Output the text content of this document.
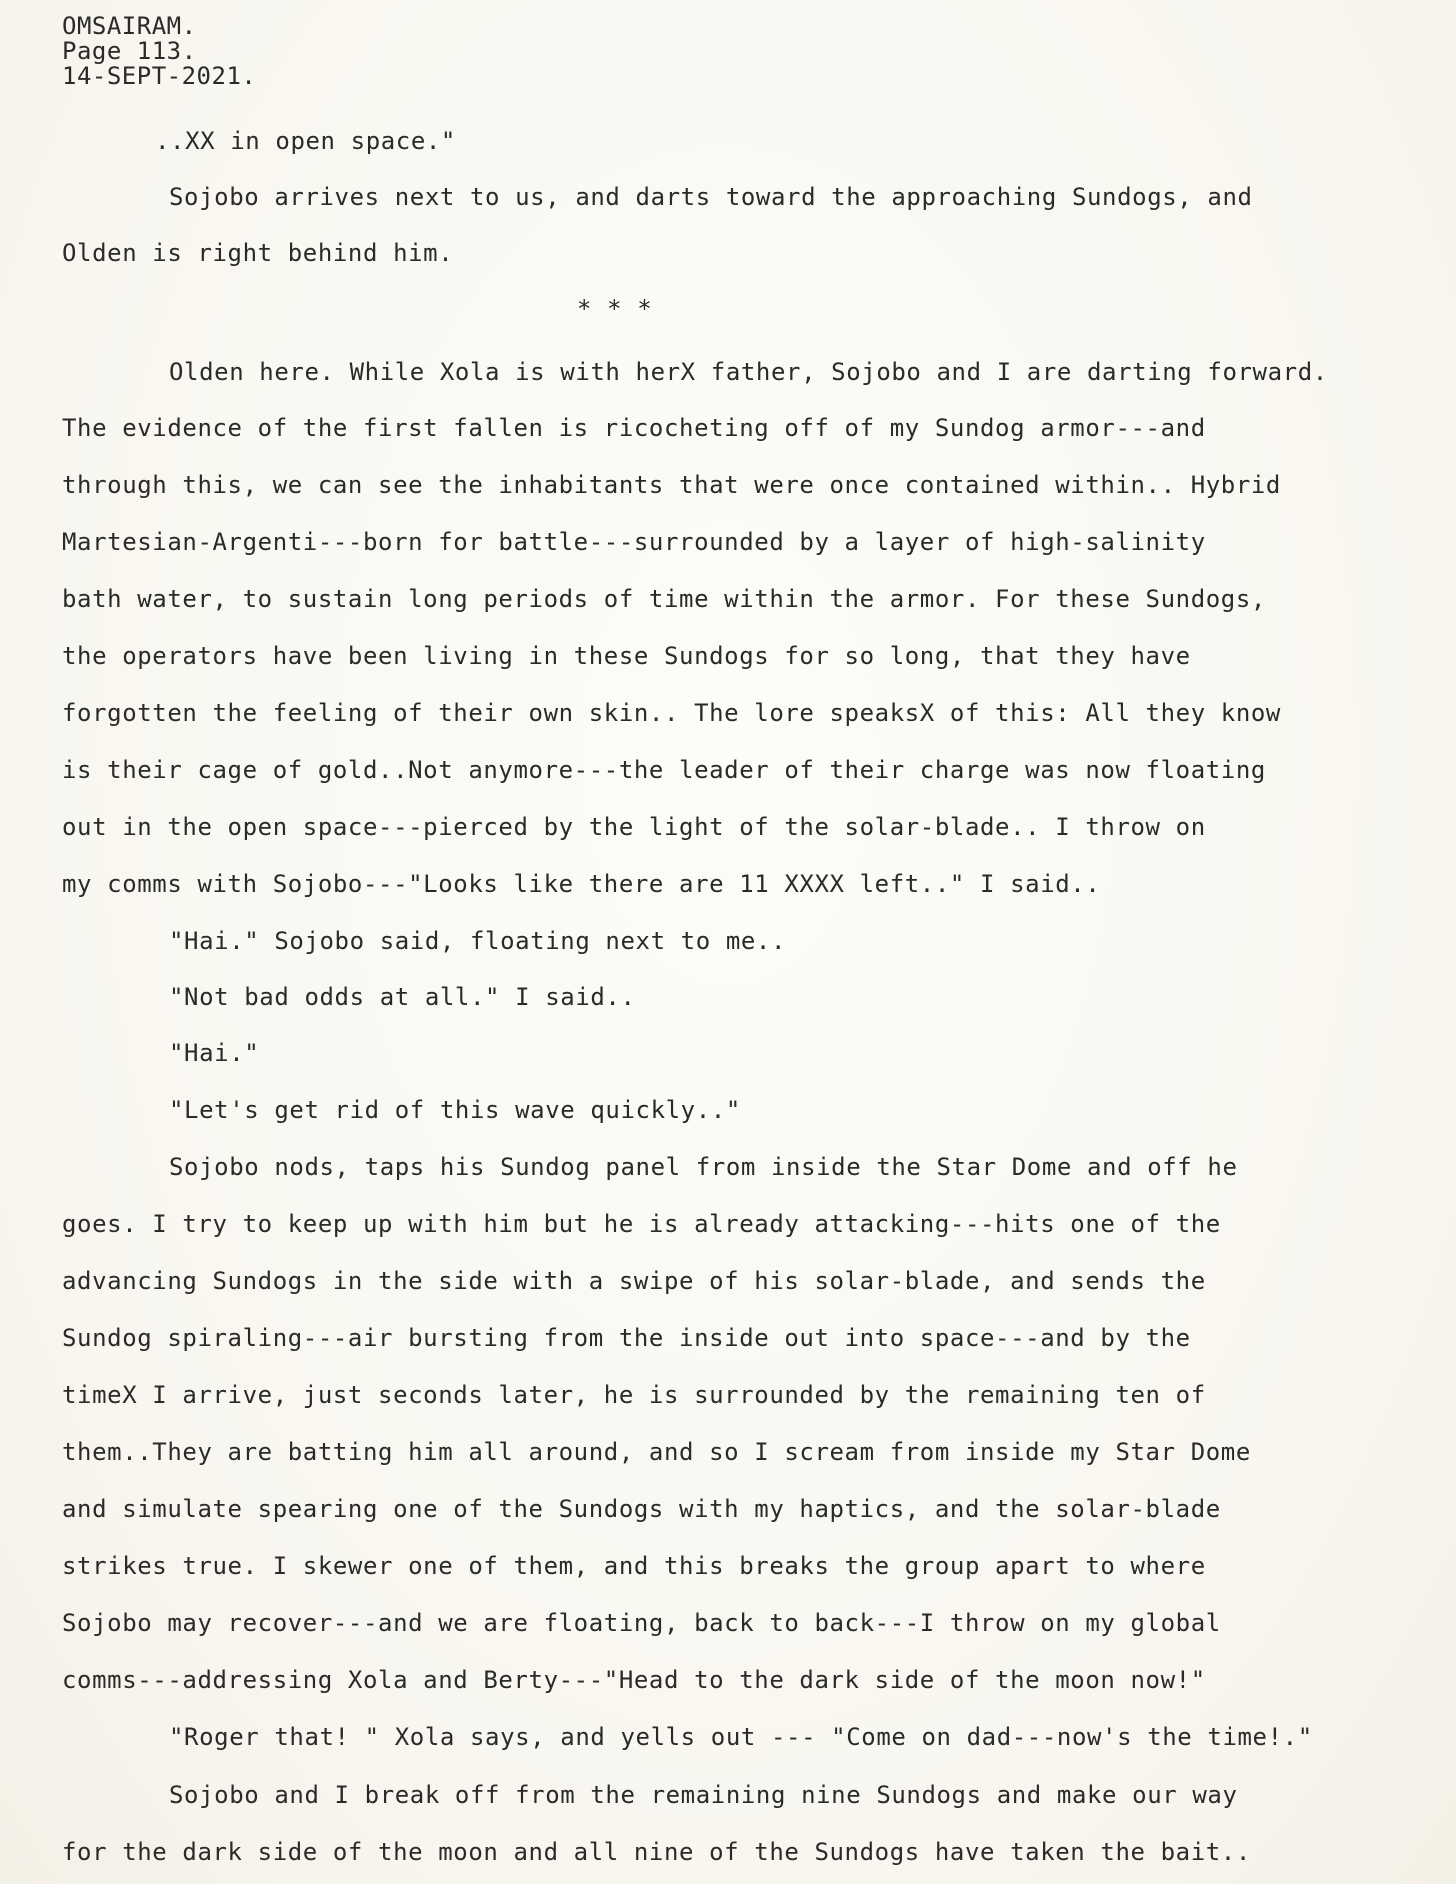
OMSAIRAM.
Page 113.
14-SEPT-2021.
..XX in open space."
Sojobo arrives next to us, and darts toward the approaching Sundogs, and
Olden is right behind him.
* * *
Olden here. While Xola is with herX father, Sojobo and I are darting forward.
The evidence of the first fallen is ricocheting off of my Sundog armor---and
through this, we can see the inhabitants that were once contained within.. Hybrid
Martesian-Argenti---born for battle---surrounded by a layer of high-salinity
bath water, to sustain long periods of time within the armor. For these Sundogs,
the operators have been living in these Sundogs for so long, that they have
forgotten the feeling of their own skin.. The lore speaksX of this: All they know
is their cage of gold..Not anymore---the leader of their charge was now floating
out in the open space---pierced by the light of the solar-blade.. I throw on
my comms with Sojobo---"Looks like there are 11 XXXX left.." I said..
"Hai." Sojobo said, floating next to me..
"Not bad odds at all." I said..
"Hai."
"Let's get rid of this wave quickly.."
Sojobo nods, taps his Sundog panel from inside the Star Dome and off he
goes. I try to keep up with him but he is already attacking---hits one of the
advancing Sundogs in the side with a swipe of his solar-blade, and sends the
Sundog spiraling---air bursting from the inside out into space---and by the
timeX I arrive, just seconds later, he is surrounded by the remaining ten of
them..They are batting him all around, and so I scream from inside my Star Dome
and simulate spearing one of the Sundogs with my haptics, and the solar-blade
strikes true. I skewer one of them, and this breaks the group apart to where
Sojobo may recover---and we are floating, back to back---I throw on my global
comms---addressing Xola and Berty---"Head to the dark side of the moon now!"
"Roger that! " Xola says, and yells out --- "Come on dad---now's the time!."
Sojobo and I break off from the remaining nine Sundogs and make our way
for the dark side of the moon and all nine of the Sundogs have taken the bait..
